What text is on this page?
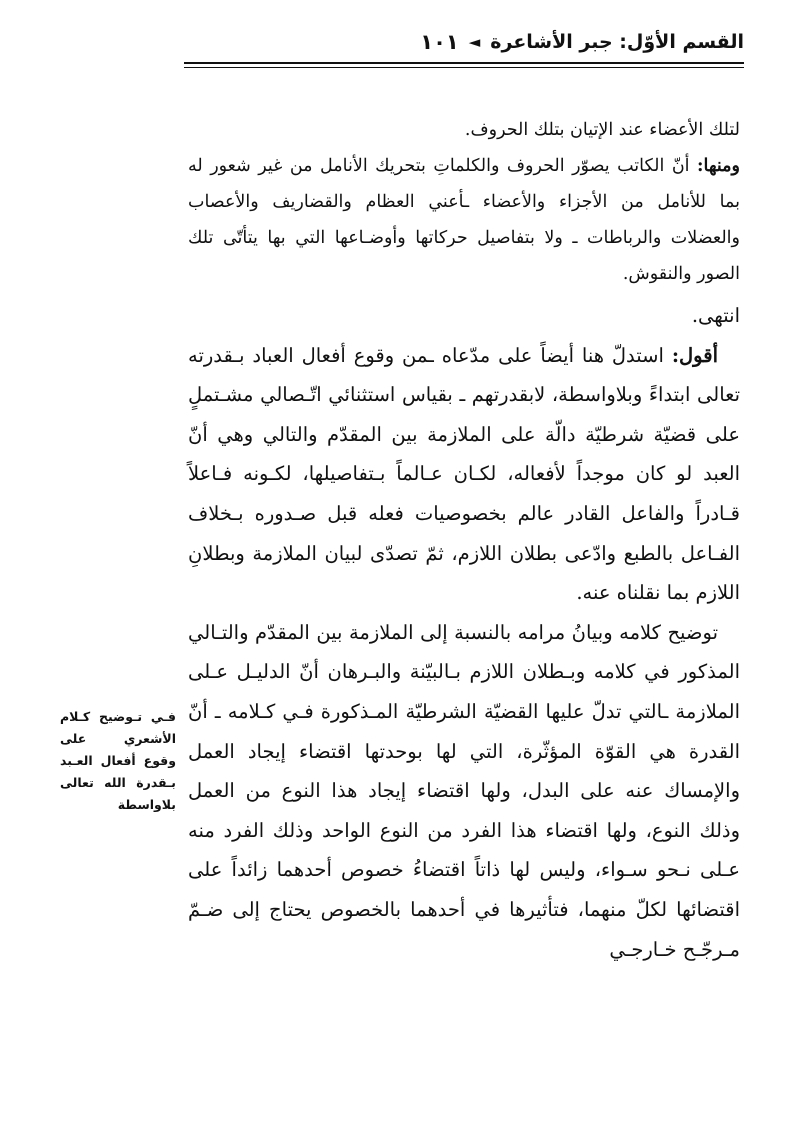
القسم الأوّل: جبر الأشاعرة
◄
١٠١

لتلك الأعضاء عند الإتيان بتلك الحروف.

ومنها: أنّ الكاتب يصوّر الحروف والكلماتِ بتحريك الأنامل من غير شعور له بما للأنامل من الأجزاء والأعضاء ـأعني العظام والقضاريف والأعصاب والعضلات والرباطات ـ ولا بتفاصيل حركاتها وأوضـاعها التي بها يتأتّى تلك الصور والنقوش.

انتهى.

أقول: استدلّ هنا أيضاً على مدّعاه ـمن وقوع أفعال العباد بـقدرته تعالى ابتداءً وبلاواسطة، لابقدرتهم ـ بقياس استثنائي اتّـصالي مشـتملٍ على قضيّة شرطيّة دالّة على الملازمة بين المقدّم والتالي وهي أنّ العبد لو كان موجداً لأفعاله، لكـان عـالماً بـتفاصيلها، لكـونه فـاعلاً قـادراً والفاعل القادر عالم بخصوصيات فعله قبل صـدوره بـخلاف الفـاعل بالطبع وادّعى بطلان اللازم، ثمّ تصدّى لبيان الملازمة وبطلانِ اللازم بما نقلناه عنه.

توضيح كلامه وبيانُ مرامه بالنسبة إلى الملازمة بين المقدّم والتـالي المذكور في كلامه وبـطلان اللازم بـالبيّنة والبـرهان أنّ الدليـل عـلى الملازمة ـالتي تدلّ عليها القضيّة الشرطيّة المـذكورة فـي كـلامه ـ أنّ القدرة هي القوّة المؤثّرة، التي لها بوحدتها اقتضاء إيجاد العمل والإمساك عنه على البدل، ولها اقتضاء إيجاد هذا النوع من العمل وذلك النوع، ولها اقتضاء هذا الفرد من النوع الواحد وذلك الفرد منه عـلى نـحو سـواء، وليس لها ذاتاً اقتضاءُ خصوص أحدهما زائداً على اقتضائها لكلّ منهما، فتأثيرها في أحدهما بالخصوص يحتاج إلى ضـمّ مـرجّـح خـارجـي

فـي تـوضيح كـلام الأشعري على وقوع أفعال العـبد بـقدرة الله تعالى بلاواسطة
